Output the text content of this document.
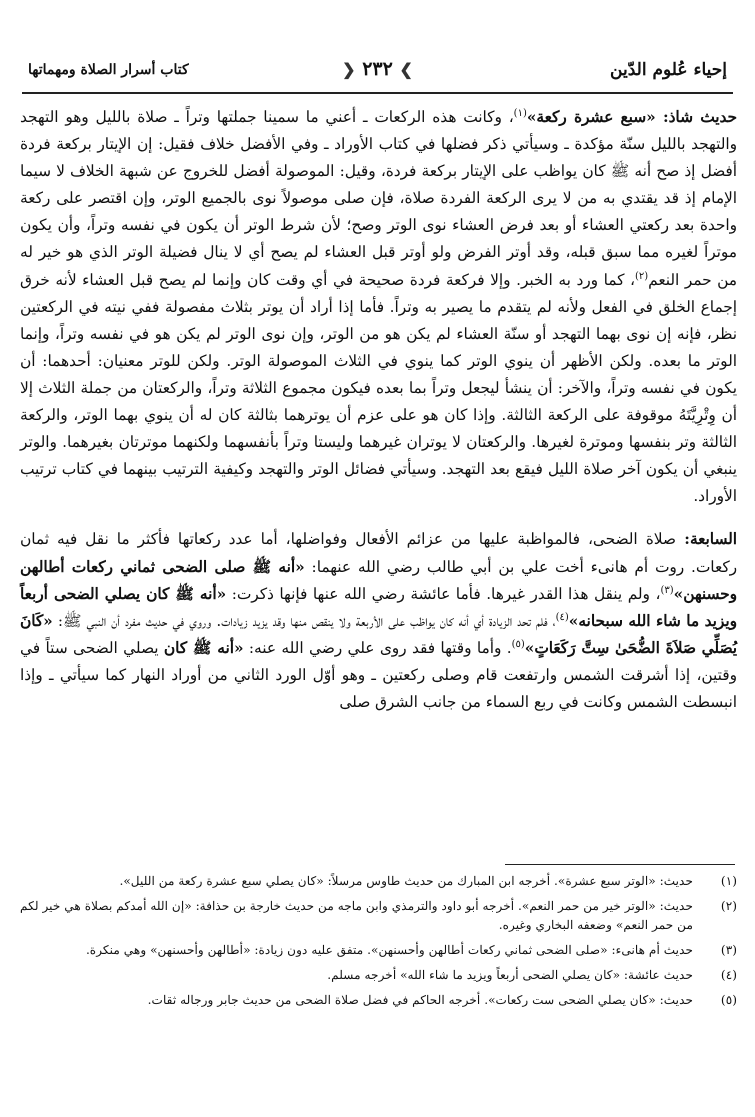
إحياء عُلوم الدّين
❯ ٢٣٢ ❮
كتاب أسرار الصلاة ومهماتها

حديث شاذ: «سبع عشرة ركعة»$^{(١)}$، وكانت هذه الركعات ـ أعني ما سمينا جملتها وتراً ـ صلاة بالليل وهو التهجد والتهجد بالليل سنّة مؤكدة ـ وسيأتي ذكر فضلها في كتاب الأوراد ـ وفي الأفضل خلاف فقيل: إن الإيتار بركعة فردة أفضل إذ صح أنه ﷺ كان يواظب على الإيتار بركعة فردة، وقيل: الموصولة أفضل للخروج عن شبهة الخلاف لا سيما الإمام إذ قد يقتدي به من لا يرى الركعة الفردة صلاة، فإن صلى موصولاً نوى بالجميع الوتر، وإن اقتصر على ركعة واحدة بعد ركعتي العشاء أو بعد فرض العشاء نوى الوتر وصح؛ لأن شرط الوتر أن يكون في نفسه وتراً، وأن يكون موتراً لغيره مما سبق قبله، وقد أوتر الفرض ولو أوتر قبل العشاء لم يصح أي لا ينال فضيلة الوتر الذي هو خير له من حمر النعم$^{(٢)}$، كما ورد به الخبر. وإلا فركعة فردة صحيحة في أي وقت كان وإنما لم يصح قبل العشاء لأنه خرق إجماع الخلق في الفعل ولأنه لم يتقدم ما يصير به وتراً. فأما إذا أراد أن يوتر بثلاث مفصولة ففي نيته في الركعتين نظر، فإنه إن نوى بهما التهجد أو سنّة العشاء لم يكن هو من الوتر، وإن نوى الوتر لم يكن هو في نفسه وتراً، وإنما الوتر ما بعده. ولكن الأظهر أن ينوي الوتر كما ينوي في الثلاث الموصولة الوتر. ولكن للوتر معنيان: أحدهما: أن يكون في نفسه وتراً، والآخر: أن ينشأ ليجعل وتراً بما بعده فيكون مجموع الثلاثة وتراً، والركعتان من جملة الثلاث إلا أن وِتْرِيَّتَهُ موقوفة على الركعة الثالثة. وإذا كان هو على عزم أن يوترهما بثالثة كان له أن ينوي بهما الوتر، والركعة الثالثة وتر بنفسها وموترة لغيرها. والركعتان لا يوتران غيرهما وليستا وتراً بأنفسهما ولكنهما موترتان بغيرهما. والوتر ينبغي أن يكون آخر صلاة الليل فيقع بعد التهجد. وسيأتي فضائل الوتر والتهجد وكيفية الترتيب بينهما في كتاب ترتيب الأوراد.

السابعة: صلاة الضحى، فالمواظبة عليها من عزائم الأفعال وفواضلها، أما عدد ركعاتها فأكثر ما نقل فيه ثمان ركعات. روت أم هانىء أخت علي بن أبي طالب رضي الله عنهما: «أنه ﷺ صلى الضحى ثماني ركعات أطالهن وحسنهن»$^{(٣)}$، ولم ينقل هذا القدر غيرها. فأما عائشة رضي الله عنها فإنها ذكرت: «أنه ﷺ كان يصلي الضحى أربعاً ويزيد ما شاء الله سبحانه»$^{(٤)}$، فلم تحد الزيادة أي أنه كان يواظب على الأربعة ولا ينقص منها وقد يزيد زيادات. وروي في حديث مفرد أن النبي ﷺ: «كَانَ يُصَلِّي صَلاَةَ الضُّحَىٰ سِتَّ رَكَعَاتٍ»$^{(٥)}$. وأما وقتها فقد روى علي رضي الله عنه: «أنه ﷺ كان يصلي الضحى ستاً في وقتين، إذا أشرقت الشمس وارتفعت قام وصلى ركعتين ـ وهو أوّل الورد الثاني من أوراد النهار كما سيأتي ـ وإذا انبسطت الشمس وكانت في ربع السماء من جانب الشرق صلى

(١)
حديث: «الوتر سبع عشرة». أخرجه ابن المبارك من حديث طاوس مرسلاً: «كان يصلي سبع عشرة ركعة من الليل».
(٢)
حديث: «الوتر خير من حمر النعم». أخرجه أبو داود والترمذي وابن ماجه من حديث خارجة بن حذافة: «إن الله أمدكم بصلاة هي خير لكم من حمر النعم» وضعفه البخاري وغيره.
(٣)
حديث أم هانىء: «صلى الضحى ثماني ركعات أطالهن وأحسنهن». متفق عليه دون زيادة: «أطالهن وأحسنهن» وهي منكرة.
(٤)
حديث عائشة: «كان يصلي الضحى أربعاً ويزيد ما شاء الله» أخرجه مسلم.
(٥)
حديث: «كان يصلي الضحى ست ركعات». أخرجه الحاكم في فضل صلاة الضحى من حديث جابر ورجاله ثقات.
